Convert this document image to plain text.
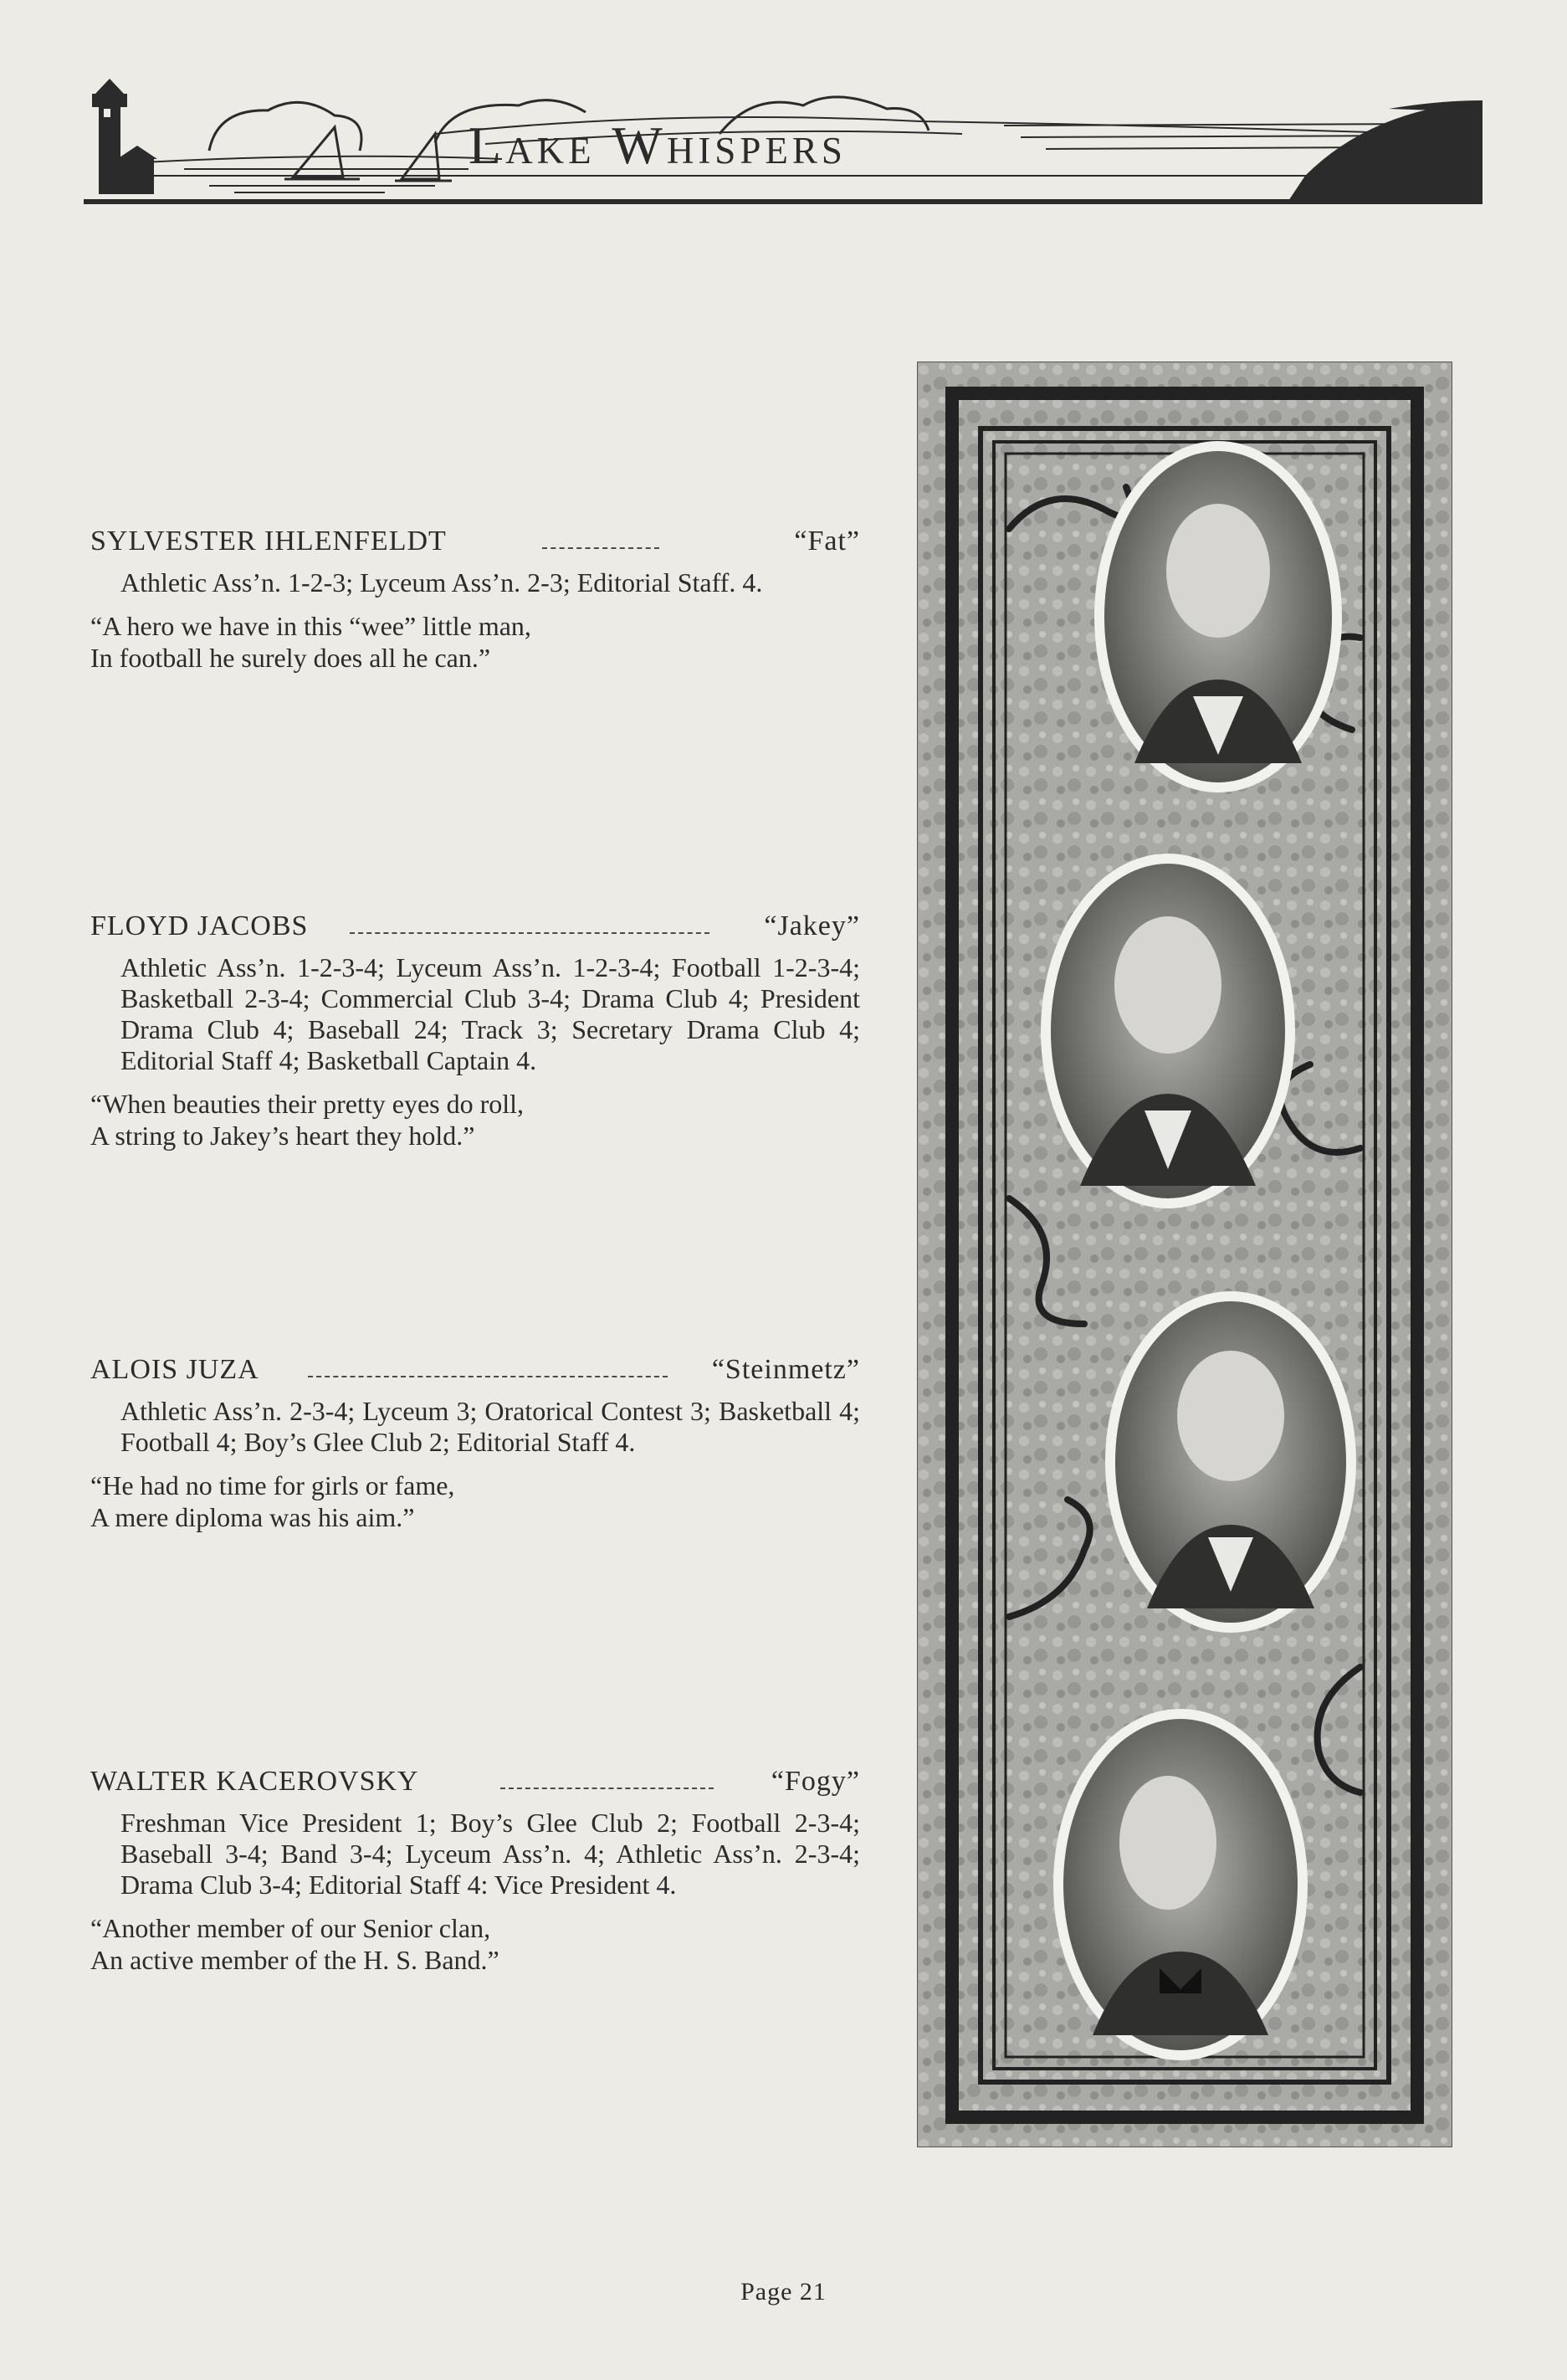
Lake Whispers
SYLVESTER IHLENFELDT	“Fat”
Athletic Ass’n. 1-2-3; Lyceum Ass’n. 2-3; Editorial Staff. 4.
“A hero we have in this “wee” little man,
In football he surely does all he can.”
FLOYD JACOBS	“Jakey”
Athletic Ass’n. 1-2-3-4; Lyceum Ass’n. 1-2-3-4; Football 1-2-3-4; Basketball 2-3-4; Commercial Club 3-4; Drama Club 4; President Drama Club 4; Baseball 24; Track 3; Secretary Drama Club 4; Editorial Staff 4; Basketball Captain 4.
“When beauties their pretty eyes do roll,
A string to Jakey’s heart they hold.”
ALOIS JUZA	“Steinmetz”
Athletic Ass’n. 2-3-4; Lyceum 3; Oratorical Contest 3; Basketball 4; Football 4; Boy’s Glee Club 2; Editorial Staff 4.
“He had no time for girls or fame,
A mere diploma was his aim.”
WALTER KACEROVSKY	“Fogy”
Freshman Vice President 1; Boy’s Glee Club 2; Football 2-3-4; Baseball 3-4; Band 3-4; Lyceum Ass’n. 4; Athletic Ass’n. 2-3-4; Drama Club 3-4; Editorial Staff 4: Vice President 4.
“Another member of our Senior clan,
An active member of the H. S. Band.”
Page 21
